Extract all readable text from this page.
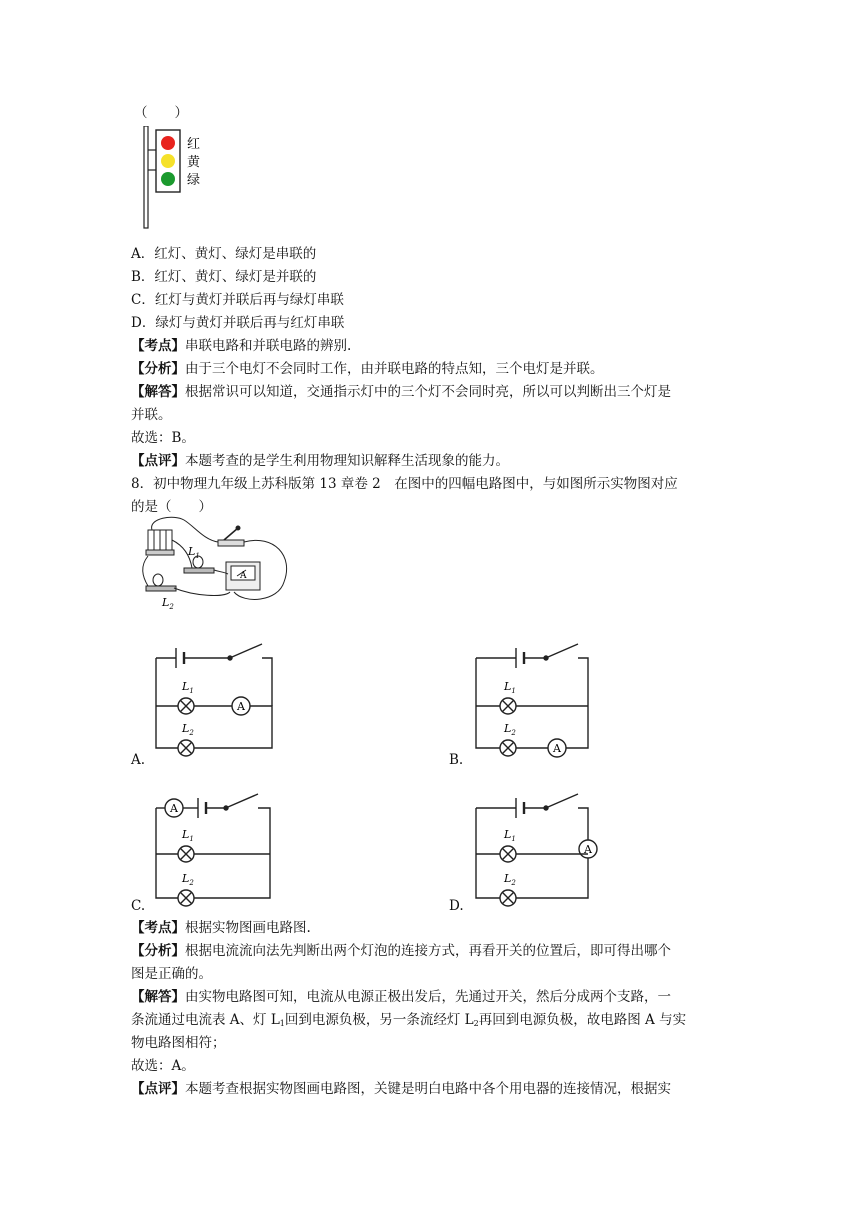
（　　）
红
黄
绿
A．红灯、黄灯、绿灯是串联的
B．红灯、黄灯、绿灯是并联的
C．红灯与黄灯并联后再与绿灯串联
D．绿灯与黄灯并联后再与红灯串联
【考点】串联电路和并联电路的辨别.
【分析】由于三个电灯不会同时工作，由并联电路的特点知，三个电灯是并联。
【解答】根据常识可以知道，交通指示灯中的三个灯不会同时亮，所以可以判断出三个灯是
并联。
故选：B。
【点评】本题考查的是学生利用物理知识解释生活现象的能力。
8．初中物理九年级上苏科版第 13 章卷 2　在图中的四幅电路图中，与如图所示实物图对应
的是（　　）
$L_1$
$L_2$
A
A
$L_1$
$L_2$
A.
A
$L_1$
$L_2$
B.
A
$L_1$
$L_2$
C.
A
$L_1$
$L_2$
D.
【考点】根据实物图画电路图.
【分析】根据电流流向法先判断出两个灯泡的连接方式，再看开关的位置后，即可得出哪个
图是正确的。
【解答】由实物电路图可知，电流从电源正极出发后，先通过开关，然后分成两个支路，一
条流通过电流表 A、灯 $L_1$回到电源负极，另一条流经灯 $L_2$再回到电源负极，故电路图 A 与实
物电路图相符；
故选：A。
【点评】本题考查根据实物图画电路图，关键是明白电路中各个用电器的连接情况，根据实
